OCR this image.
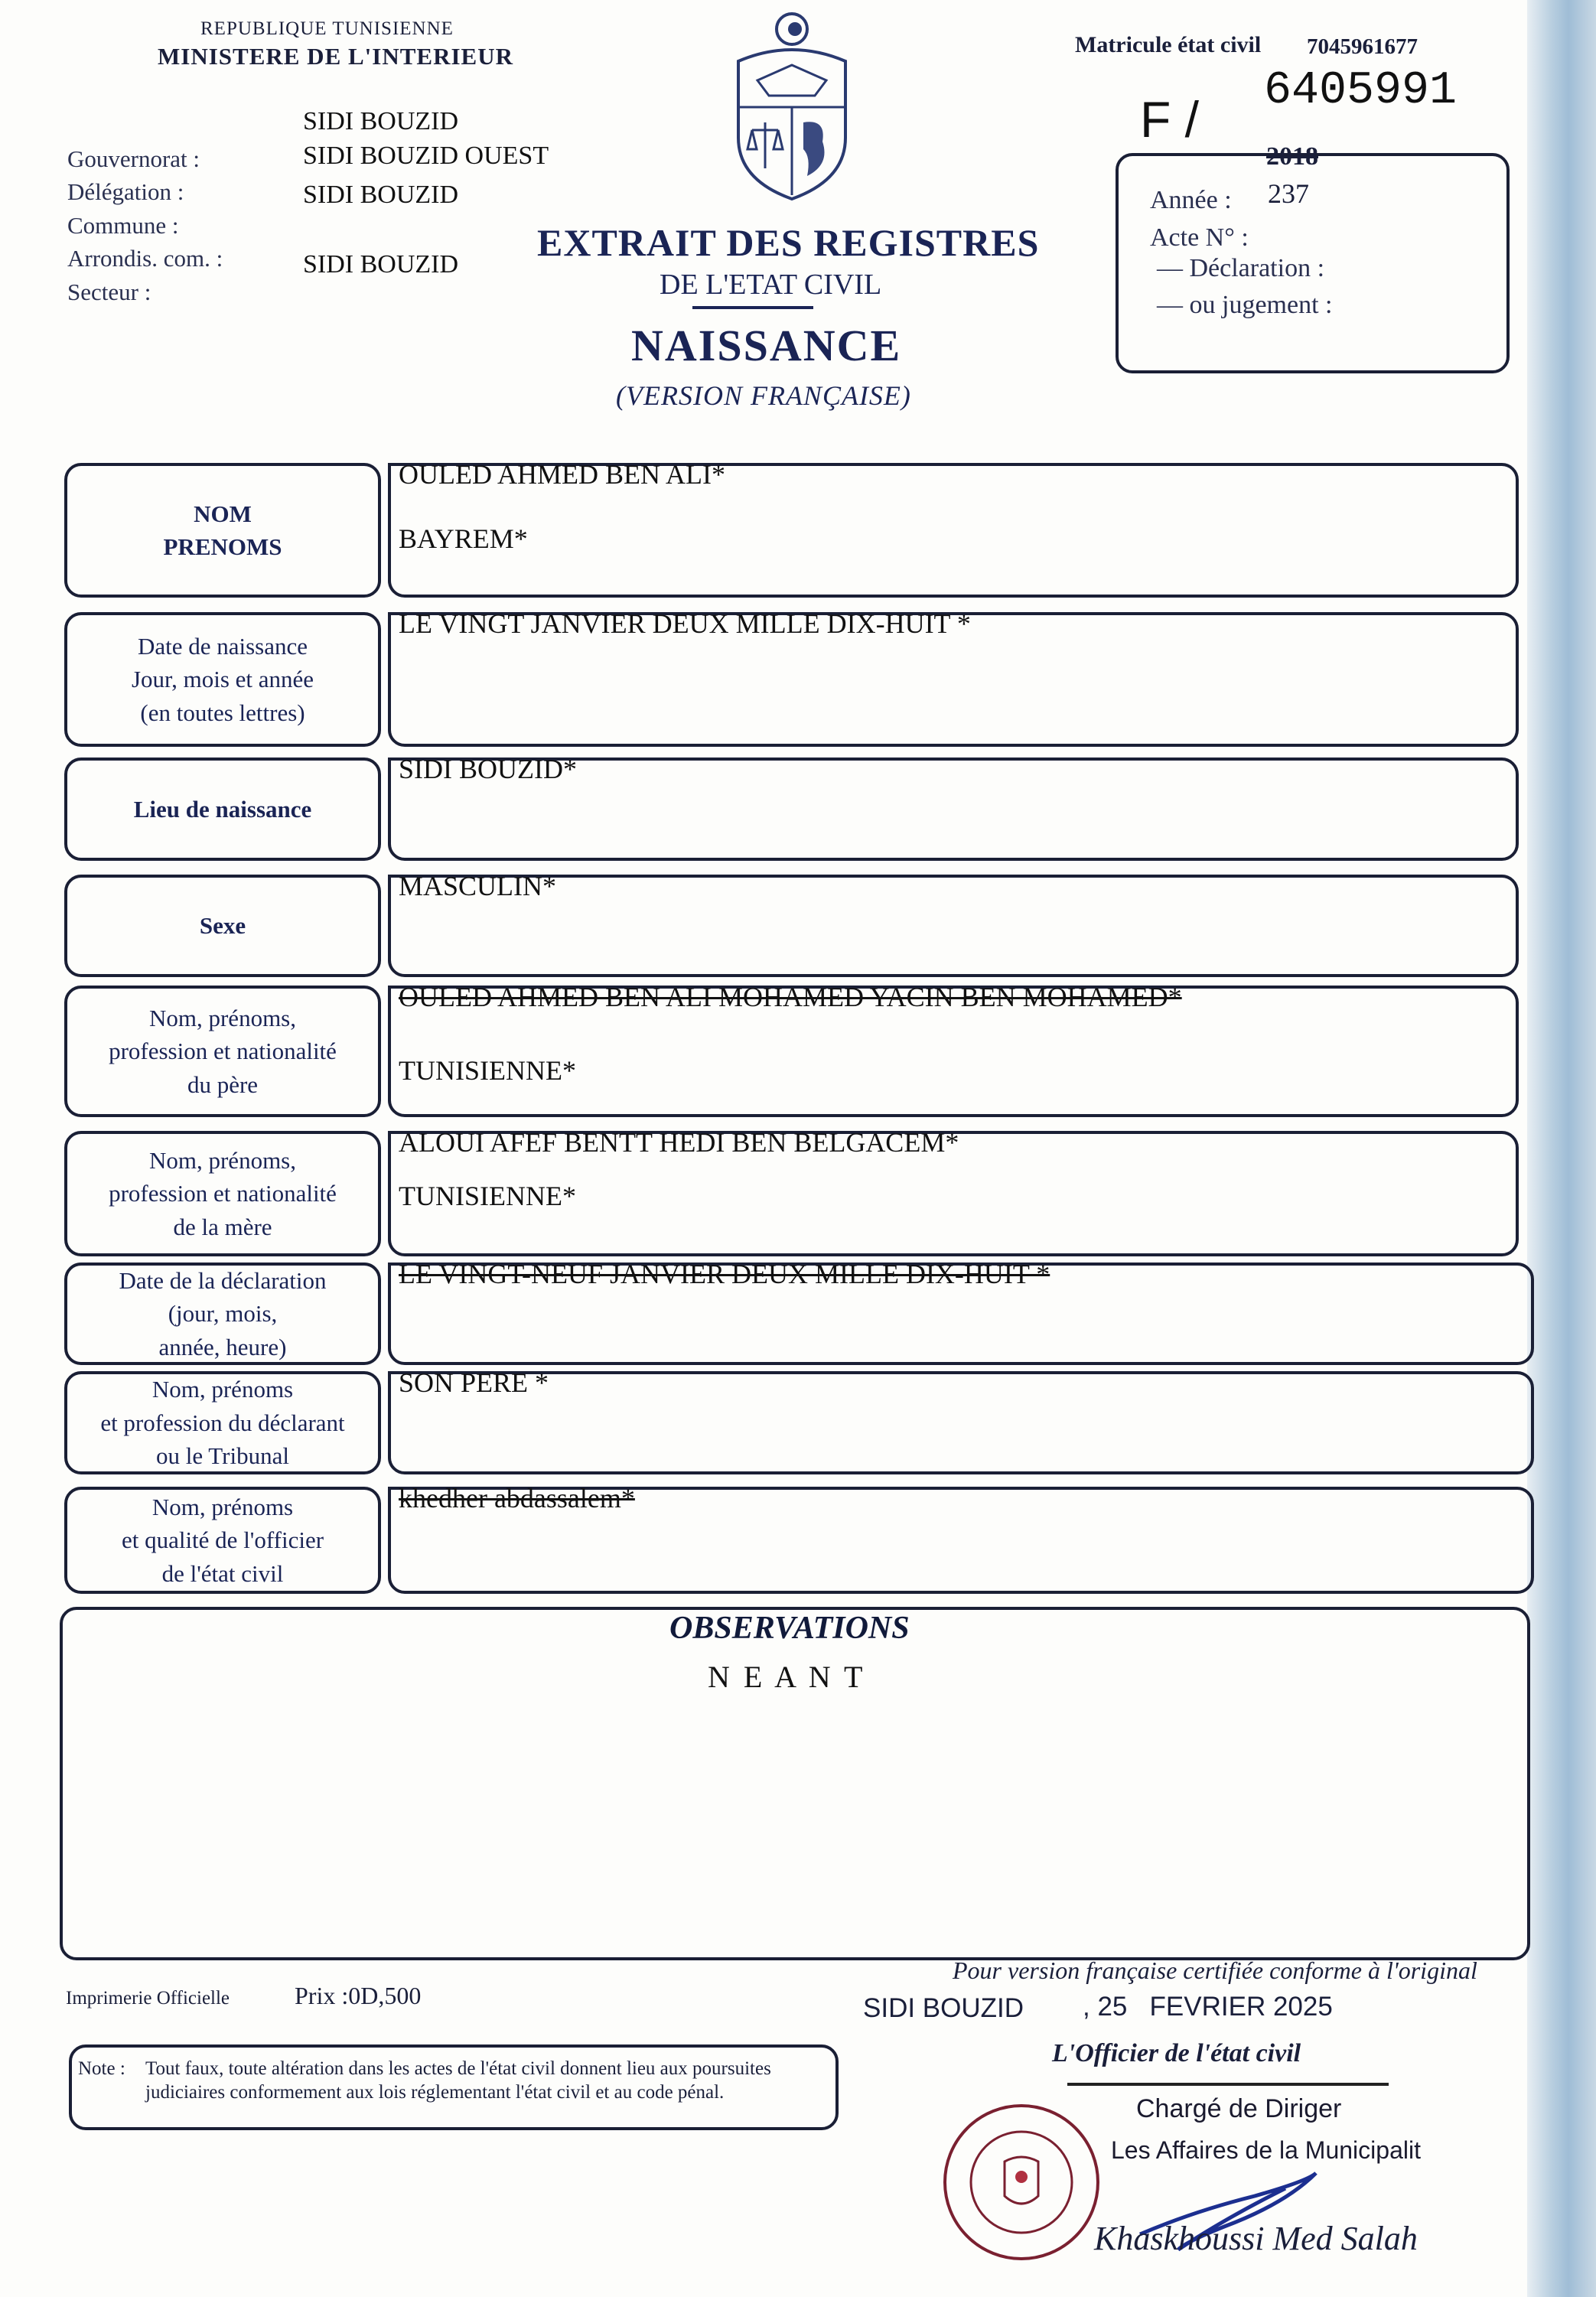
REPUBLIQUE TUNISIENNE
MINISTERE DE L'INTERIEUR
Gouvernorat :
Délégation :
Commune :
Arrondis. com. :
Secteur :
SIDI BOUZID
SIDI BOUZID OUEST
SIDI BOUZID
SIDI BOUZID
EXTRAIT DES REGISTRES
DE L'ETAT CIVIL
NAISSANCE
(VERSION FRANÇAISE)
Matricule état civil 7045961677
6405991
F /
2018
237
Année :
Acte N° :
— Déclaration :
— ou jugement :
NOM
PRENOMS
OULED AHMED BEN ALI*
BAYREM*
Date de naissance
Jour, mois et année
(en toutes lettres)
LE VINGT JANVIER DEUX MILLE DIX-HUIT *
Lieu de naissance
SIDI BOUZID*
Sexe
MASCULIN*
Nom, prénoms,
profession et nationalité
du père
OULED AHMED BEN ALI MOHAMED YACIN BEN MOHAMED*
TUNISIENNE*
Nom, prénoms,
profession et nationalité
de la mère
ALOUI AFEF BENTT HEDI BEN BELGACEM*
TUNISIENNE*
Date de la déclaration
(jour, mois,
année, heure)
LE VINGT-NEUF JANVIER DEUX MILLE DIX-HUIT *
Nom, prénoms
et profession du déclarant
ou le Tribunal
SON PERE *
Nom, prénoms
et qualité de l'officier
de l'état civil
khedher abdassalem*
OBSERVATIONS
N E A N T
Pour version française certifiée conforme à l'original
Imprimerie Officielle	Prix :0D,500	SIDI BOUZID , 25   FEVRIER 2025
Note : Tout faux, toute altération dans les actes de l'état civil donnent lieu aux poursuites judiciaires conformement aux lois réglementant l'état civil et au code pénal.
L'Officier de l'état civil
Chargé de Diriger
Les Affaires de la Municipalit
Khaskhoussi Med Salah
